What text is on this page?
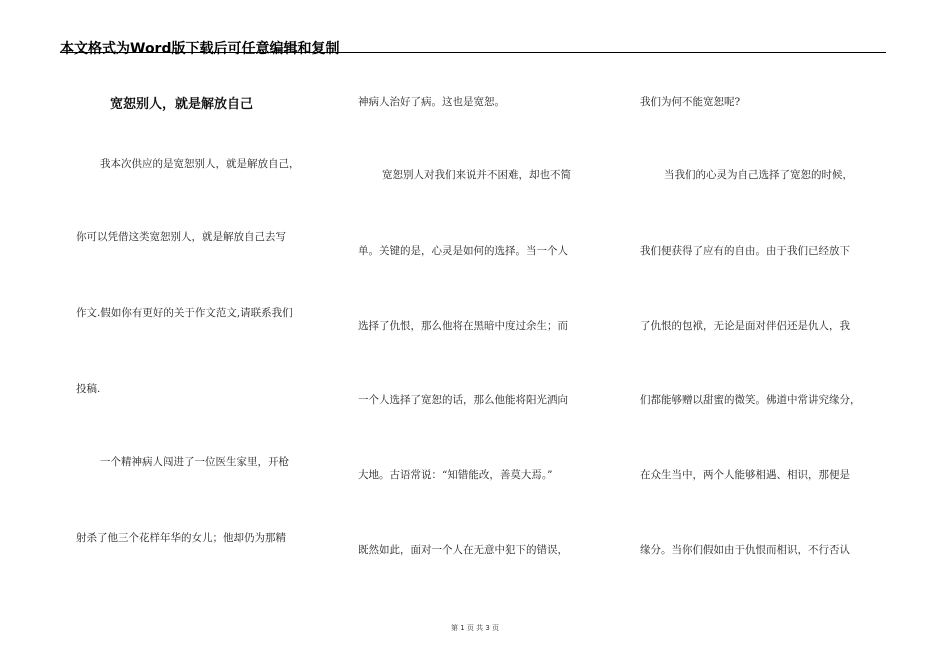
本文格式为Word版下载后可任意编辑和复制
宽恕别人，就是解放自己
我本次供应的是宽恕别人，就是解放自己，
你可以凭借这类宽恕别人，就是解放自己去写
作文.假如你有更好的关于作文范文,请联系我们
投稿.
一个精神病人闯进了一位医生家里，开枪
射杀了他三个花样年华的女儿；他却仍为那精
神病人治好了病。这也是宽恕。
宽恕别人对我们来说并不困难，却也不简
单。关键的是，心灵是如何的选择。当一个人
选择了仇恨，那么他将在黑暗中度过余生；而
一个人选择了宽恕的话，那么他能将阳光洒向
大地。古语常说：“知错能改，善莫大焉。”
既然如此，面对一个人在无意中犯下的错误，
我们为何不能宽恕呢?
当我们的心灵为自己选择了宽恕的时候，
我们便获得了应有的自由。由于我们已经放下
了仇恨的包袱，无论是面对伴侣还是仇人，我
们都能够赠以甜蜜的微笑。佛道中常讲究缘分，
在众生当中，两个人能够相遇、相识，那便是
缘分。当你们假如由于仇恨而相识，不行否认
第 1 页 共 3 页
